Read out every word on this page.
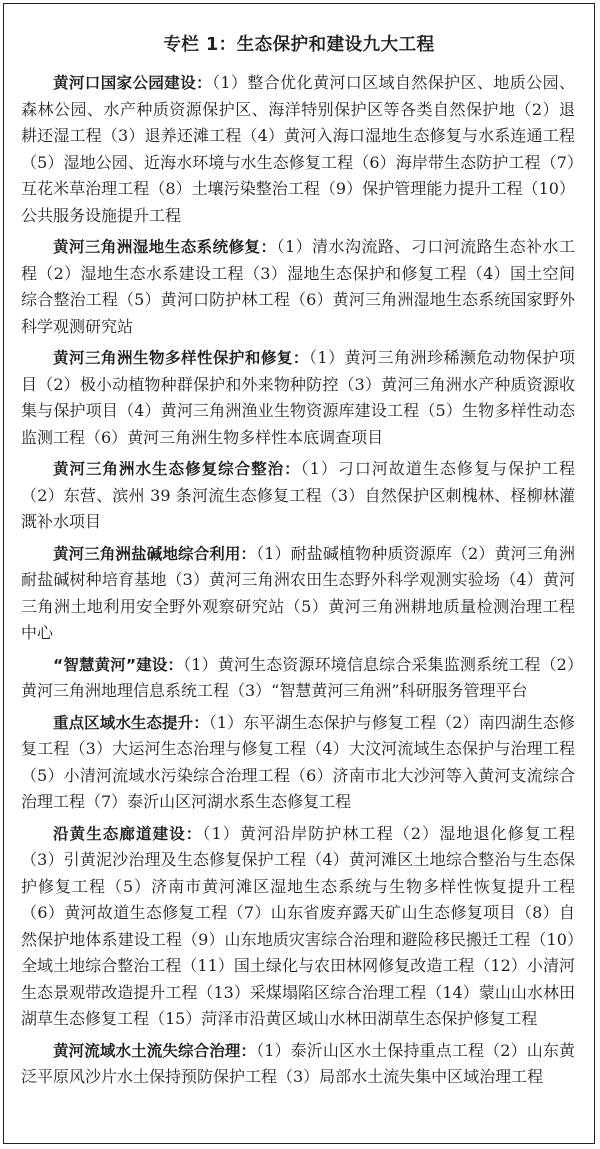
专栏 1：生态保护和建设九大工程

黄河口国家公园建设：（1）整合优化黄河口区域自然保护区、地质公园、森林公园、水产种质资源保护区、海洋特别保护区等各类自然保护地（2）退耕还湿工程（3）退养还滩工程（4）黄河入海口湿地生态修复与水系连通工程（5）湿地公园、近海水环境与水生态修复工程（6）海岸带生态防护工程（7）互花米草治理工程（8）土壤污染整治工程（9）保护管理能力提升工程（10）公共服务设施提升工程

黄河三角洲湿地生态系统修复：（1）清水沟流路、刁口河流路生态补水工程（2）湿地生态水系建设工程（3）湿地生态保护和修复工程（4）国土空间综合整治工程（5）黄河口防护林工程（6）黄河三角洲湿地生态系统国家野外科学观测研究站

黄河三角洲生物多样性保护和修复：（1）黄河三角洲珍稀濒危动物保护项目（2）极小动植物种群保护和外来物种防控（3）黄河三角洲水产种质资源收集与保护项目（4）黄河三角洲渔业生物资源库建设工程（5）生物多样性动态监测工程（6）黄河三角洲生物多样性本底调查项目

黄河三角洲水生态修复综合整治：（1）刁口河故道生态修复与保护工程（2）东营、滨州 39 条河流生态修复工程（3）自然保护区刺槐林、柽柳林灌溉补水项目

黄河三角洲盐碱地综合利用：（1）耐盐碱植物种质资源库（2）黄河三角洲耐盐碱树种培育基地（3）黄河三角洲农田生态野外科学观测实验场（4）黄河三角洲土地利用安全野外观察研究站（5）黄河三角洲耕地质量检测治理工程中心

“智慧黄河”建设：（1）黄河生态资源环境信息综合采集监测系统工程（2）黄河三角洲地理信息系统工程（3）“智慧黄河三角洲”科研服务管理平台

重点区域水生态提升：（1）东平湖生态保护与修复工程（2）南四湖生态修复工程（3）大运河生态治理与修复工程（4）大汶河流域生态保护与治理工程（5）小清河流域水污染综合治理工程（6）济南市北大沙河等入黄河支流综合治理工程（7）泰沂山区河湖水系生态修复工程

沿黄生态廊道建设：（1）黄河沿岸防护林工程（2）湿地退化修复工程（3）引黄泥沙治理及生态修复保护工程（4）黄河滩区土地综合整治与生态保护修复工程（5）济南市黄河滩区湿地生态系统与生物多样性恢复提升工程（6）黄河故道生态修复工程（7）山东省废弃露天矿山生态修复项目（8）自然保护地体系建设工程（9）山东地质灾害综合治理和避险移民搬迁工程（10）全域土地综合整治工程（11）国土绿化与农田林网修复改造工程（12）小清河生态景观带改造提升工程（13）采煤塌陷区综合治理工程（14）蒙山山水林田湖草生态修复工程（15）菏泽市沿黄区域山水林田湖草生态保护修复工程

黄河流域水土流失综合治理：（1）泰沂山区水土保持重点工程（2）山东黄泛平原风沙片水土保持预防保护工程（3）局部水土流失集中区域治理工程
